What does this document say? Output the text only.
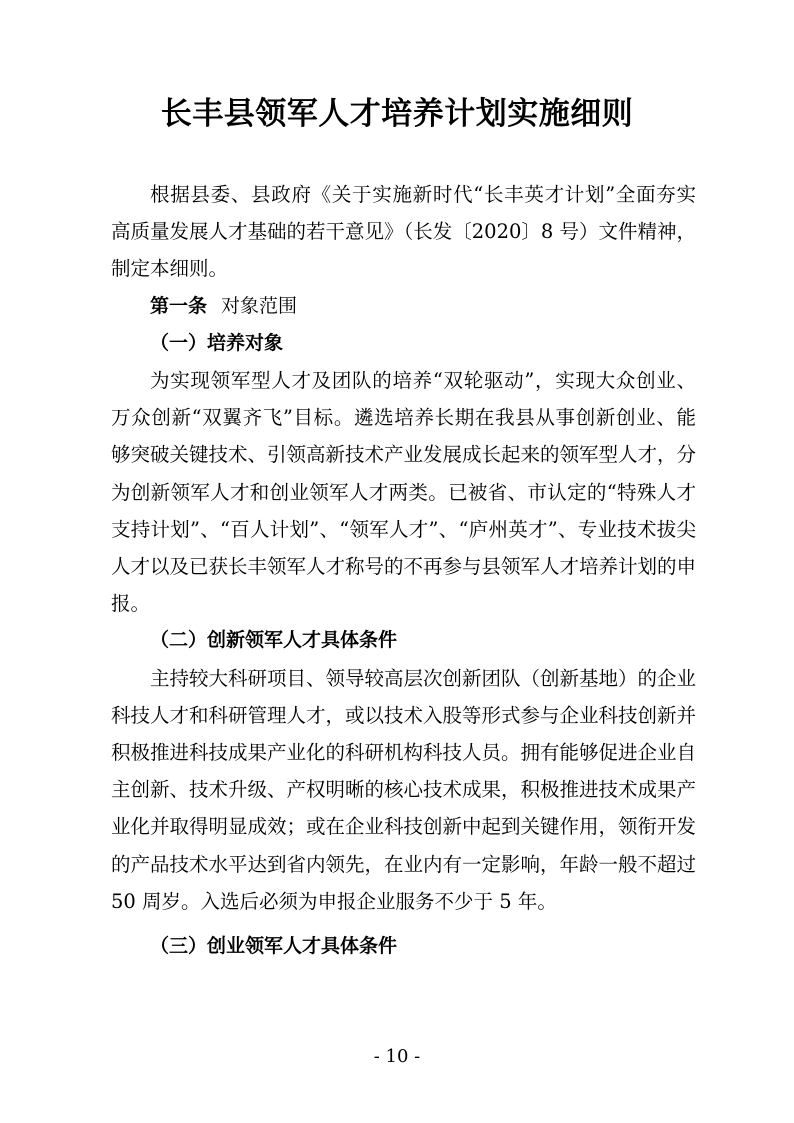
长丰县领军人才培养计划实施细则

根据县委、县政府《关于实施新时代“长丰英才计划”全面夯实高质量发展人才基础的若干意见》（长发〔2020〕8 号）文件精神，制定本细则。

第一条 对象范围

（一）培养对象

为实现领军型人才及团队的培养“双轮驱动”，实现大众创业、万众创新“双翼齐飞”目标。遴选培养长期在我县从事创新创业、能够突破关键技术、引领高新技术产业发展成长起来的领军型人才，分为创新领军人才和创业领军人才两类。已被省、市认定的“特殊人才支持计划”、“百人计划”、“领军人才”、“庐州英才”、专业技术拔尖人才以及已获长丰领军人才称号的不再参与县领军人才培养计划的申报。

（二）创新领军人才具体条件

主持较大科研项目、领导较高层次创新团队（创新基地）的企业科技人才和科研管理人才，或以技术入股等形式参与企业科技创新并积极推进科技成果产业化的科研机构科技人员。拥有能够促进企业自主创新、技术升级、产权明晰的核心技术成果，积极推进技术成果产业化并取得明显成效；或在企业科技创新中起到关键作用，领衔开发的产品技术水平达到省内领先，在业内有一定影响，年龄一般不超过 50 周岁。入选后必须为申报企业服务不少于 5 年。

（三）创业领军人才具体条件

- 10 -
